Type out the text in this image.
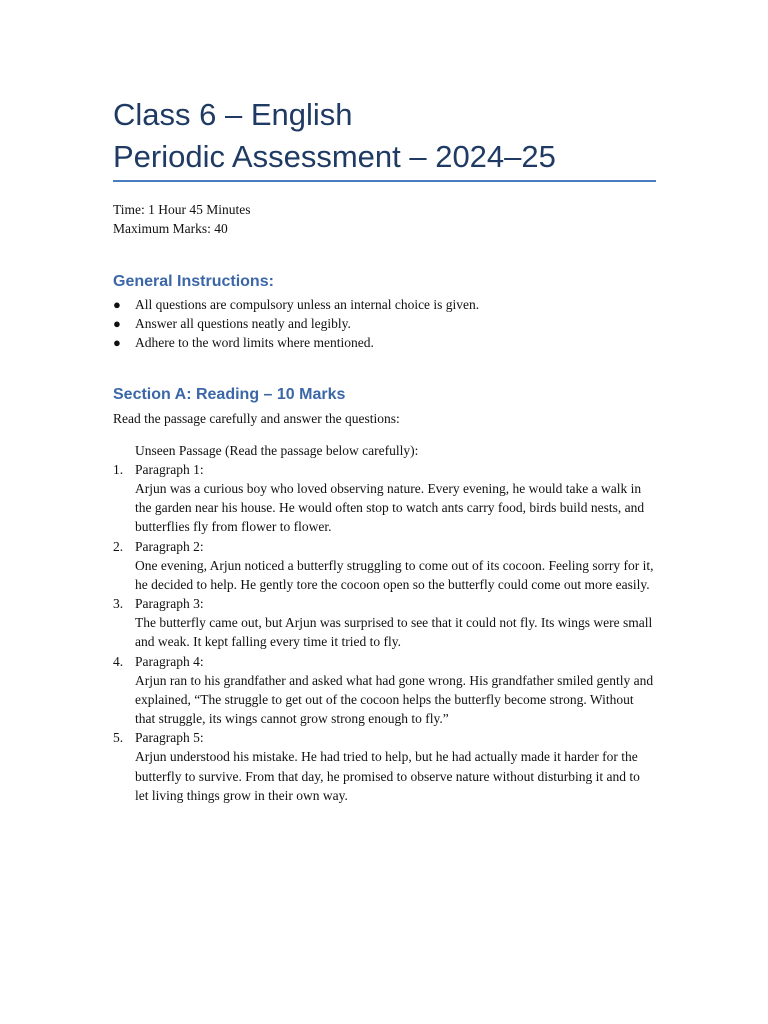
Class 6 – English
Periodic Assessment – 2024–25
Time: 1 Hour 45 Minutes
Maximum Marks: 40
General Instructions:
● All questions are compulsory unless an internal choice is given.
● Answer all questions neatly and legibly.
● Adhere to the word limits where mentioned.
Section A: Reading – 10 Marks
Read the passage carefully and answer the questions:
Unseen Passage (Read the passage below carefully):
1. Paragraph 1:
Arjun was a curious boy who loved observing nature. Every evening, he would take a walk in the garden near his house. He would often stop to watch ants carry food, birds build nests, and butterflies fly from flower to flower.
2. Paragraph 2:
One evening, Arjun noticed a butterfly struggling to come out of its cocoon. Feeling sorry for it, he decided to help. He gently tore the cocoon open so the butterfly could come out more easily.
3. Paragraph 3:
The butterfly came out, but Arjun was surprised to see that it could not fly. Its wings were small and weak. It kept falling every time it tried to fly.
4. Paragraph 4:
Arjun ran to his grandfather and asked what had gone wrong. His grandfather smiled gently and explained, “The struggle to get out of the cocoon helps the butterfly become strong. Without that struggle, its wings cannot grow strong enough to fly.”
5. Paragraph 5:
Arjun understood his mistake. He had tried to help, but he had actually made it harder for the butterfly to survive. From that day, he promised to observe nature without disturbing it and to let living things grow in their own way.
